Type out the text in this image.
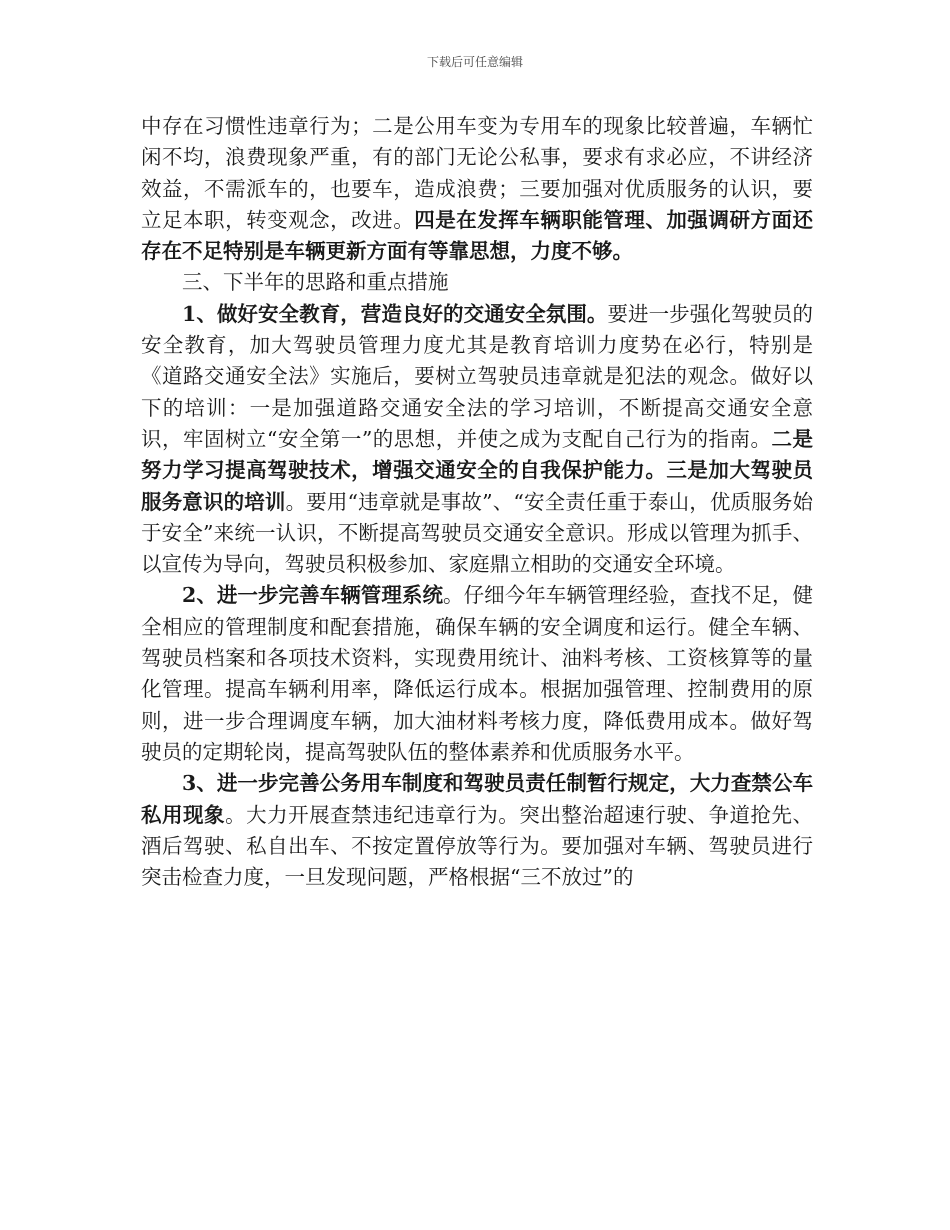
下载后可任意编辑

中存在习惯性违章行为；二是公用车变为专用车的现象比较普遍，车辆忙闲不均，浪费现象严重，有的部门无论公私事，要求有求必应，不讲经济效益，不需派车的，也要车，造成浪费；三要加强对优质服务的认识，要立足本职，转变观念，改进。四是在发挥车辆职能管理、加强调研方面还存在不足特别是车辆更新方面有等靠思想，力度不够。

三、下半年的思路和重点措施

1、做好安全教育，营造良好的交通安全氛围。要进一步强化驾驶员的安全教育，加大驾驶员管理力度尤其是教育培训力度势在必行，特别是《道路交通安全法》实施后，要树立驾驶员违章就是犯法的观念。做好以下的培训：一是加强道路交通安全法的学习培训，不断提高交通安全意识，牢固树立“安全第一”的思想，并使之成为支配自己行为的指南。二是努力学习提高驾驶技术，增强交通安全的自我保护能力。三是加大驾驶员服务意识的培训。要用“违章就是事故”、“安全责任重于泰山，优质服务始于安全”来统一认识，不断提高驾驶员交通安全意识。形成以管理为抓手、以宣传为导向，驾驶员积极参加、家庭鼎立相助的交通安全环境。

2、进一步完善车辆管理系统。仔细今年车辆管理经验，查找不足，健全相应的管理制度和配套措施，确保车辆的安全调度和运行。健全车辆、驾驶员档案和各项技术资料，实现费用统计、油料考核、工资核算等的量化管理。提高车辆利用率，降低运行成本。根据加强管理、控制费用的原则，进一步合理调度车辆，加大油材料考核力度，降低费用成本。做好驾驶员的定期轮岗，提高驾驶队伍的整体素养和优质服务水平。

3、进一步完善公务用车制度和驾驶员责任制暂行规定，大力查禁公车私用现象。大力开展查禁违纪违章行为。突出整治超速行驶、争道抢先、酒后驾驶、私自出车、不按定置停放等行为。要加强对车辆、驾驶员进行突击检查力度，一旦发现问题，严格根据“三不放过”的
